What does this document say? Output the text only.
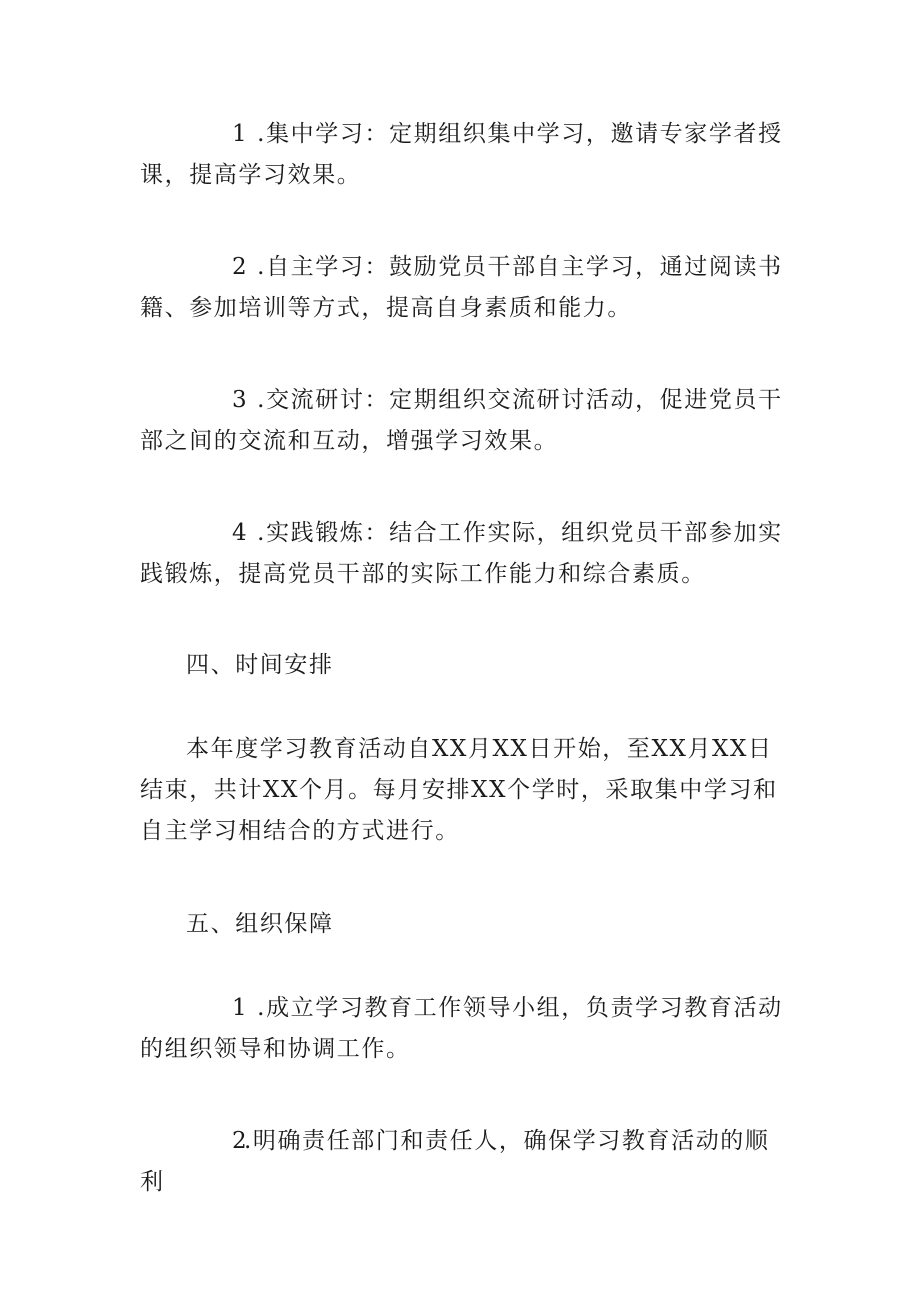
1 .集中学习：定期组织集中学习，邀请专家学者授课，提高学习效果。

2 .自主学习：鼓励党员干部自主学习，通过阅读书籍、参加培训等方式，提高自身素质和能力。

3 .交流研讨：定期组织交流研讨活动，促进党员干部之间的交流和互动，增强学习效果。

4 .实践锻炼：结合工作实际，组织党员干部参加实践锻炼，提高党员干部的实际工作能力和综合素质。

四、时间安排

本年度学习教育活动自XX月XX日开始，至XX月XX日结束，共计XX个月。每月安排XX个学时，采取集中学习和自主学习相结合的方式进行。

五、组织保障

1 .成立学习教育工作领导小组，负责学习教育活动的组织领导和协调工作。

2.明确责任部门和责任人，确保学习教育活动的顺利
